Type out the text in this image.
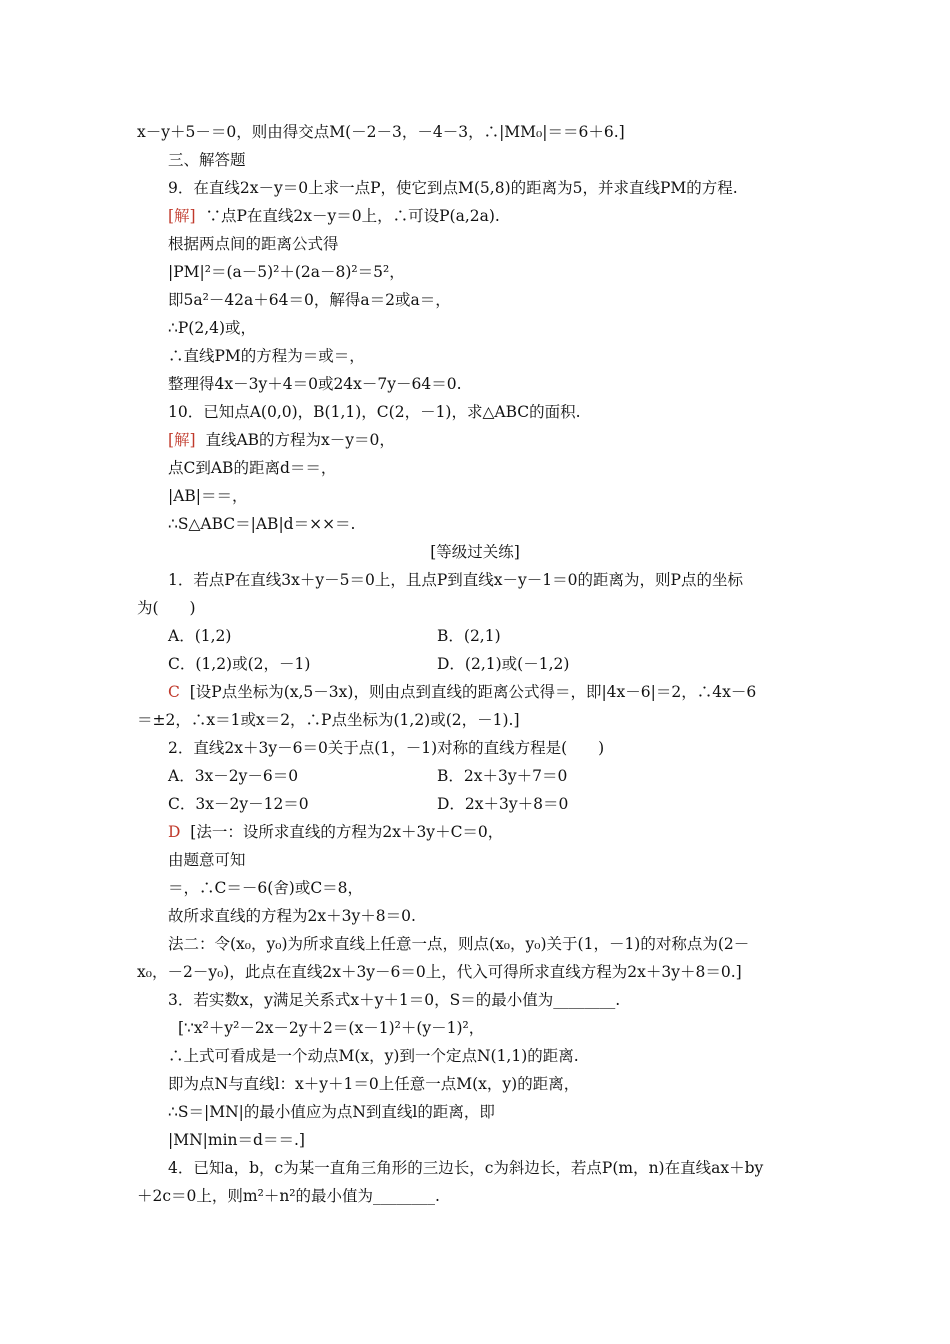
x－y＋5－＝0，则由得交点M(－2－3，－4－3，∴|MM₀|＝＝6＋6.]
三、解答题
9．在直线2x－y＝0上求一点P，使它到点M(5,8)的距离为5，并求直线PM的方程.
[解] ∵点P在直线2x－y＝0上，∴可设P(a,2a).
根据两点间的距离公式得
|PM|²＝(a－5)²＋(2a－8)²＝5²，
即5a²－42a＋64＝0，解得a＝2或a＝，
∴P(2,4)或，
∴直线PM的方程为＝或＝，
整理得4x－3y＋4＝0或24x－7y－64＝0.
10．已知点A(0,0)，B(1,1)，C(2，－1)，求△ABC的面积.
[解] 直线AB的方程为x－y＝0，
点C到AB的距离d＝＝，
|AB|＝＝，
∴S△ABC＝|AB|d＝××＝.
[等级过关练]
1．若点P在直线3x＋y－5＝0上，且点P到直线x－y－1＝0的距离为，则P点的坐标
为(　　)
A．(1,2)	B．(2,1)
C．(1,2)或(2，－1)	D．(2,1)或(－1,2)
C [设P点坐标为(x,5－3x)，则由点到直线的距离公式得＝，即|4x－6|＝2，∴4x－6
＝±2，∴x＝1或x＝2，∴P点坐标为(1,2)或(2，－1).]
2．直线2x＋3y－6＝0关于点(1，－1)对称的直线方程是(　　)
A．3x－2y－6＝0	B．2x＋3y＋7＝0
C．3x－2y－12＝0	D．2x＋3y＋8＝0
D [法一：设所求直线的方程为2x＋3y＋C＝0，
由题意可知
＝，∴C＝－6(舍)或C＝8，
故所求直线的方程为2x＋3y＋8＝0.
法二：令(x₀，y₀)为所求直线上任意一点，则点(x₀，y₀)关于(1，－1)的对称点为(2－
x₀，－2－y₀)，此点在直线2x＋3y－6＝0上，代入可得所求直线方程为2x＋3y＋8＝0.]
3．若实数x，y满足关系式x＋y＋1＝0，S＝的最小值为________.
[∵x²＋y²－2x－2y＋2＝(x－1)²＋(y－1)²，
∴上式可看成是一个动点M(x，y)到一个定点N(1,1)的距离.
即为点N与直线l：x＋y＋1＝0上任意一点M(x，y)的距离，
∴S＝|MN|的最小值应为点N到直线l的距离，即
|MN|min＝d＝＝.]
4．已知a，b，c为某一直角三角形的三边长，c为斜边长，若点P(m，n)在直线ax＋by
＋2c＝0上，则m²＋n²的最小值为________.
